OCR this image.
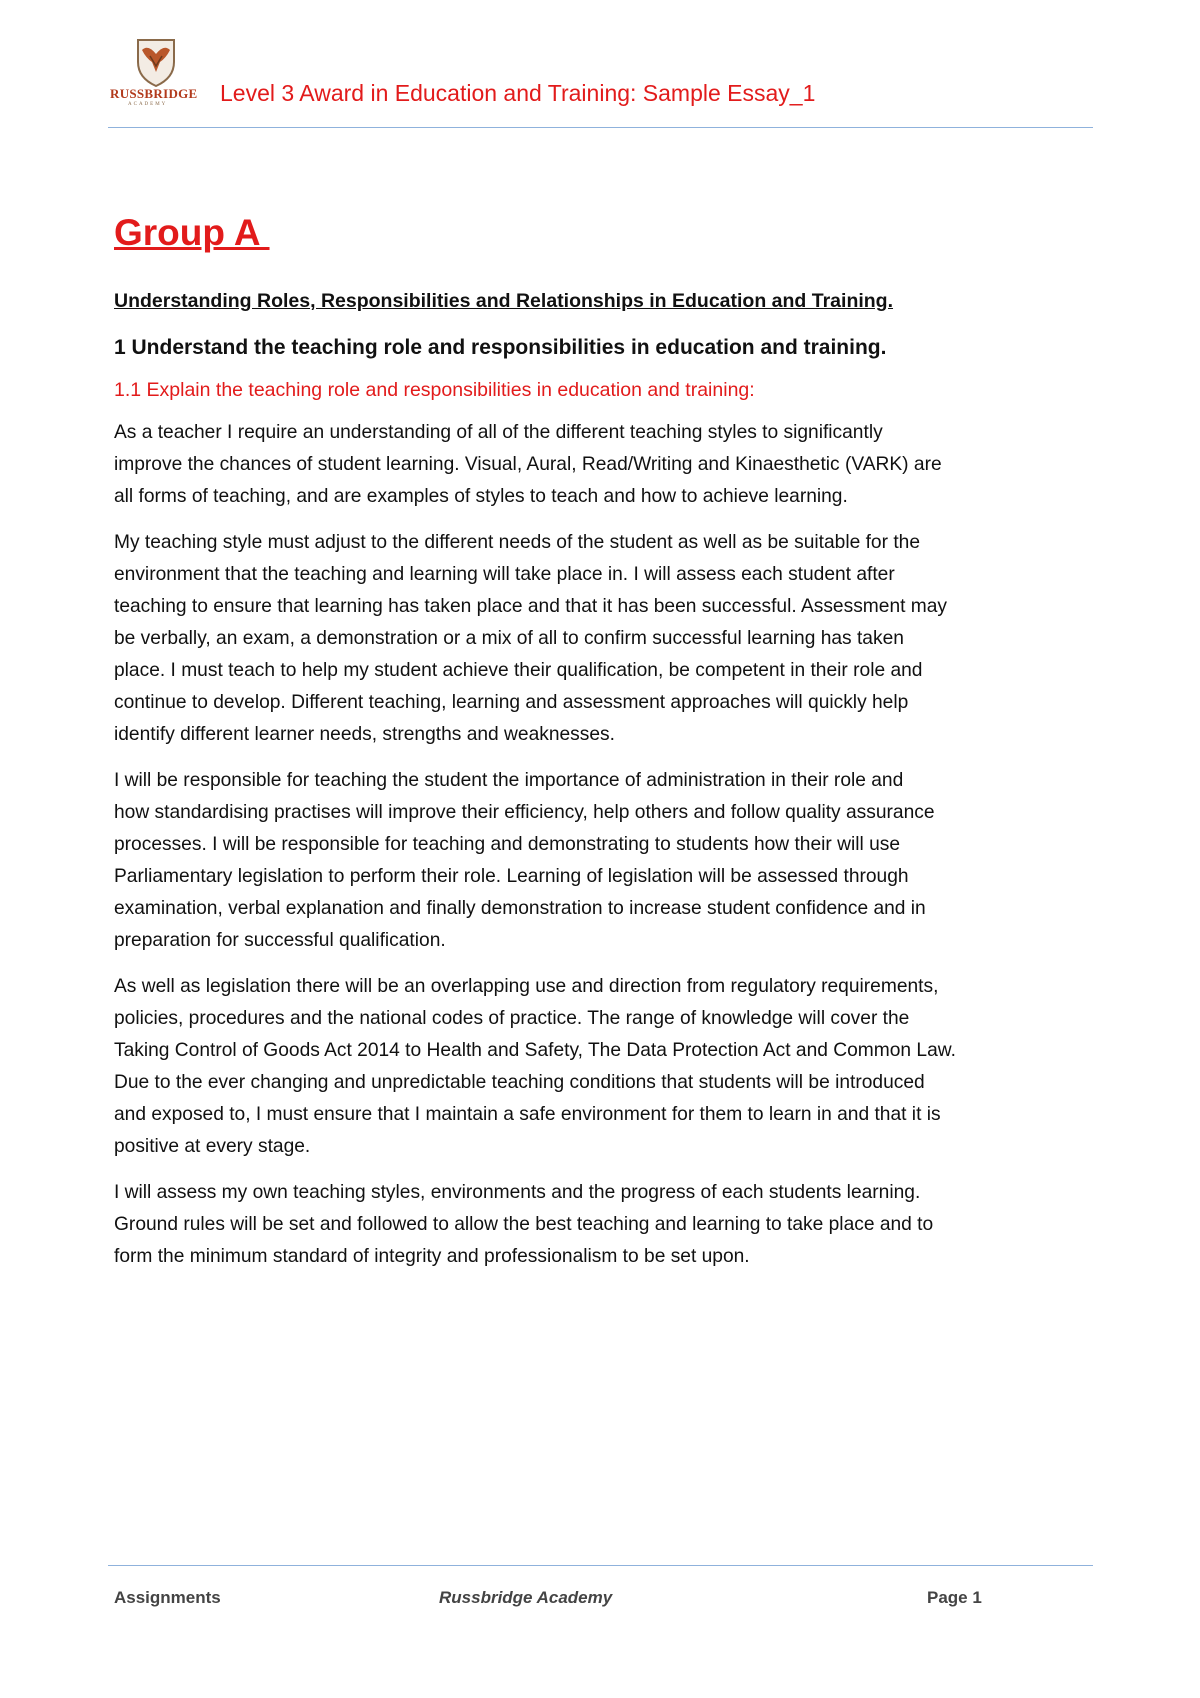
RUSSBRIDGE
ACADEMY	Level 3 Award in Education and Training: Sample Essay_1
Group A
Understanding Roles, Responsibilities and Relationships in Education and Training.
1 Understand the teaching role and responsibilities in education and training.
1.1 Explain the teaching role and responsibilities in education and training:

As a teacher I require an understanding of all of the different teaching styles to significantly
improve the chances of student learning. Visual, Aural, Read/Writing and Kinaesthetic (VARK) are
all forms of teaching, and are examples of styles to teach and how to achieve learning.

My teaching style must adjust to the different needs of the student as well as be suitable for the
environment that the teaching and learning will take place in. I will assess each student after
teaching to ensure that learning has taken place and that it has been successful. Assessment may
be verbally, an exam, a demonstration or a mix of all to confirm successful learning has taken
place. I must teach to help my student achieve their qualification, be competent in their role and
continue to develop. Different teaching, learning and assessment approaches will quickly help
identify different learner needs, strengths and weaknesses.

I will be responsible for teaching the student the importance of administration in their role and
how standardising practises will improve their efficiency, help others and follow quality assurance
processes. I will be responsible for teaching and demonstrating to students how their will use
Parliamentary legislation to perform their role. Learning of legislation will be assessed through
examination, verbal explanation and finally demonstration to increase student confidence and in
preparation for successful qualification.

As well as legislation there will be an overlapping use and direction from regulatory requirements,
policies, procedures and the national codes of practice. The range of knowledge will cover the
Taking Control of Goods Act 2014 to Health and Safety, The Data Protection Act and Common Law.
Due to the ever changing and unpredictable teaching conditions that students will be introduced
and exposed to, I must ensure that I maintain a safe environment for them to learn in and that it is
positive at every stage.

I will assess my own teaching styles, environments and the progress of each students learning.
Ground rules will be set and followed to allow the best teaching and learning to take place and to
form the minimum standard of integrity and professionalism to be set upon.

Assignments	Russbridge Academy	Page 1
